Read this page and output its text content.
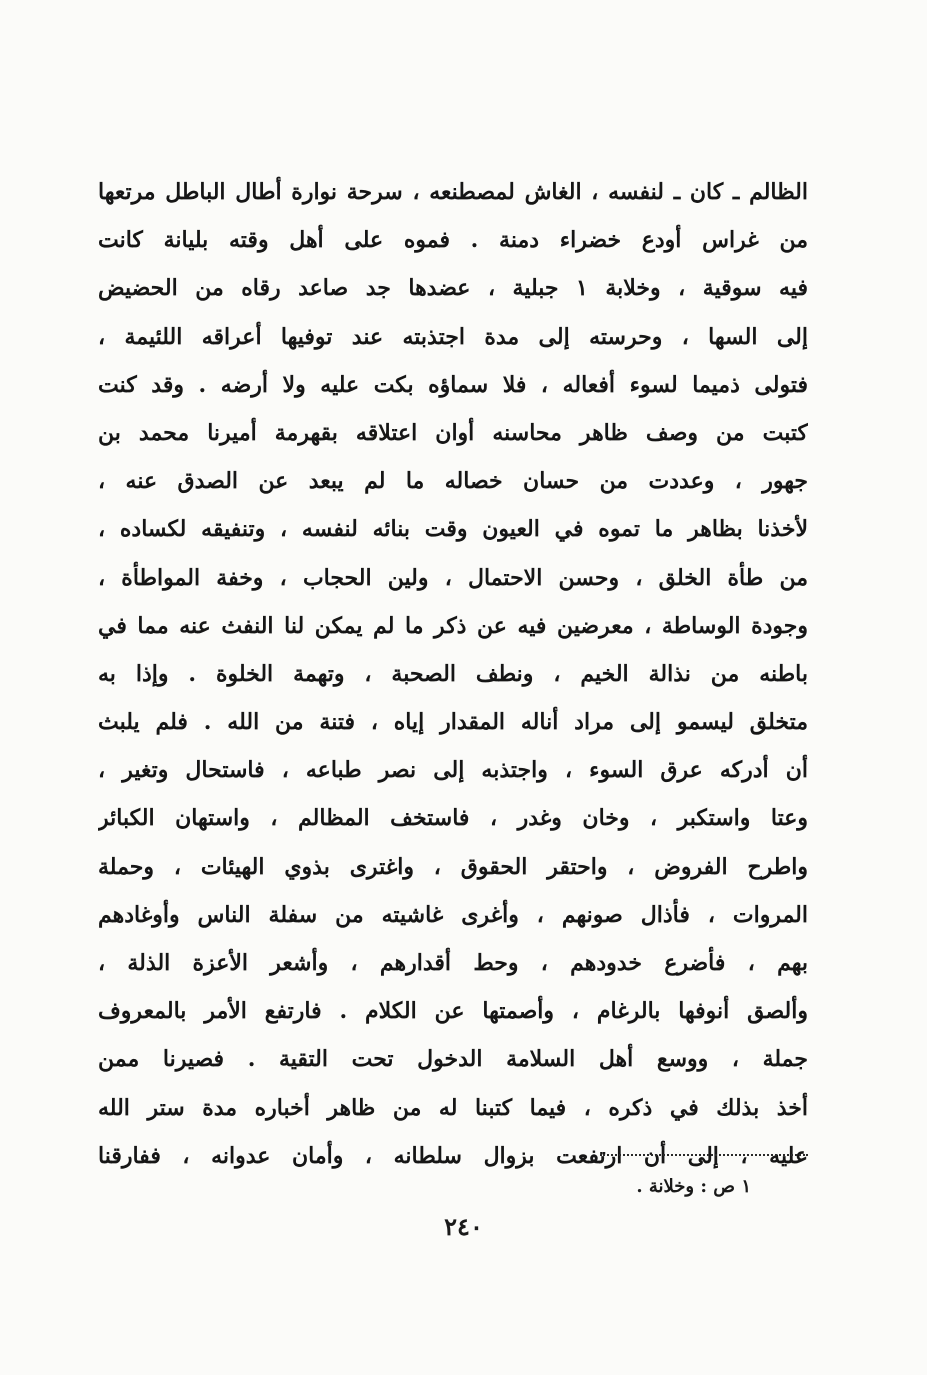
الظالم ـ كان ـ لنفسه ، الغاش لمصطنعه ، سرحة نوارة أطال الباطل مرتعها
من غراس أودع خضراء دمنة . فموه على أهل وقته بليانة كانت
فيه سوقية ، وخلابة ١ جبلية ، عضدها جد صاعد رقاه من الحضيض
إلى السها ، وحرسته إلى مدة اجتذبته عند توفيها أعراقه اللئيمة ،
فتولى ذميما لسوء أفعاله ، فلا سماؤه بكت عليه ولا أرضه . وقد كنت
كتبت من وصف ظاهر محاسنه أوان اعتلاقه بقهرمة أميرنا محمد بن
جهور ، وعددت من حسان خصاله ما لم يبعد عن الصدق عنه ،
لأخذنا بظاهر ما تموه في العيون وقت بنائه لنفسه ، وتنفيقه لكساده ،
من طأة الخلق ، وحسن الاحتمال ، ولين الحجاب ، وخفة المواطأة ،
وجودة الوساطة ، معرضين فيه عن ذكر ما لم يمكن لنا النفث عنه مما في
باطنه من نذالة الخيم ، ونطف الصحبة ، وتهمة الخلوة . وإذا به
متخلق ليسمو إلى مراد أناله المقدار إياه ، فتنة من الله . فلم يلبث
أن أدركه عرق السوء ، واجتذبه إلى نصر طباعه ، فاستحال وتغير ،
وعتا واستكبر ، وخان وغدر ، فاستخف المظالم ، واستهان الكبائر
واطرح الفروض ، واحتقر الحقوق ، واغترى بذوي الهيئات ، وحملة
المروات ، فأذال صونهم ، وأغرى غاشيته من سفلة الناس وأوغادهم
بهم ، فأضرع خدودهم ، وحط أقدارهم ، وأشعر الأعزة الذلة ،
وألصق أنوفها بالرغام ، وأصمتها عن الكلام . فارتفع الأمر بالمعروف
جملة ، ووسع أهل السلامة الدخول تحت التقية . فصيرنا ممن
أخذ بذلك في ذكره ، فيما كتبنا له من ظاهر أخباره مدة ستر الله
عليه ، إلى أن ارتفعت بزوال سلطانه ، وأمان عدوانه ، ففارقنا
١ ص : وخلانة .
٢٤٠
